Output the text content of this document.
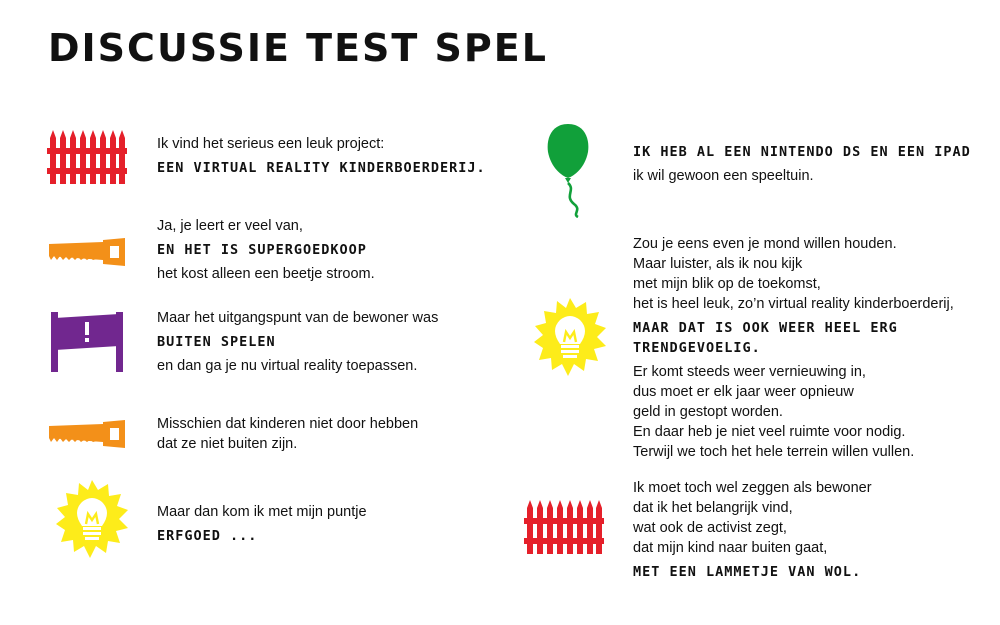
DISCUSSIE TEST SPEL
Ik vind het serieus een leuk project:
EEN VIRTUAL REALITY KINDERBOERDERIJ.
Ja, je leert er veel van,
EN HET IS SUPERGOEDKOOP
het kost alleen een beetje stroom.
Maar het uitgangspunt van de bewoner was
BUITEN SPELEN
en dan ga je nu virtual reality toepassen.
Misschien dat kinderen niet door hebben
dat ze niet buiten zijn.
Maar dan kom ik met mijn puntje
ERFGOED ...
IK HEB AL EEN NINTENDO DS EN EEN IPAD
ik wil gewoon een speeltuin.
Zou je eens even je mond willen houden.
Maar luister, als ik nou kijk
met mijn blik op de toekomst,
het is heel leuk, zo’n virtual reality kinderboerderij,
MAAR DAT IS OOK WEER HEEL ERG
TRENDGEVOELIG.
Er komt steeds weer vernieuwing in,
dus moet er elk jaar weer opnieuw
geld in gestopt worden.
En daar heb je niet veel ruimte voor nodig.
Terwijl we toch het hele terrein willen vullen.
Ik moet toch wel zeggen als bewoner
dat ik het belangrijk vind,
wat ook de activist zegt,
dat mijn kind naar buiten gaat,
MET EEN LAMMETJE VAN WOL.
